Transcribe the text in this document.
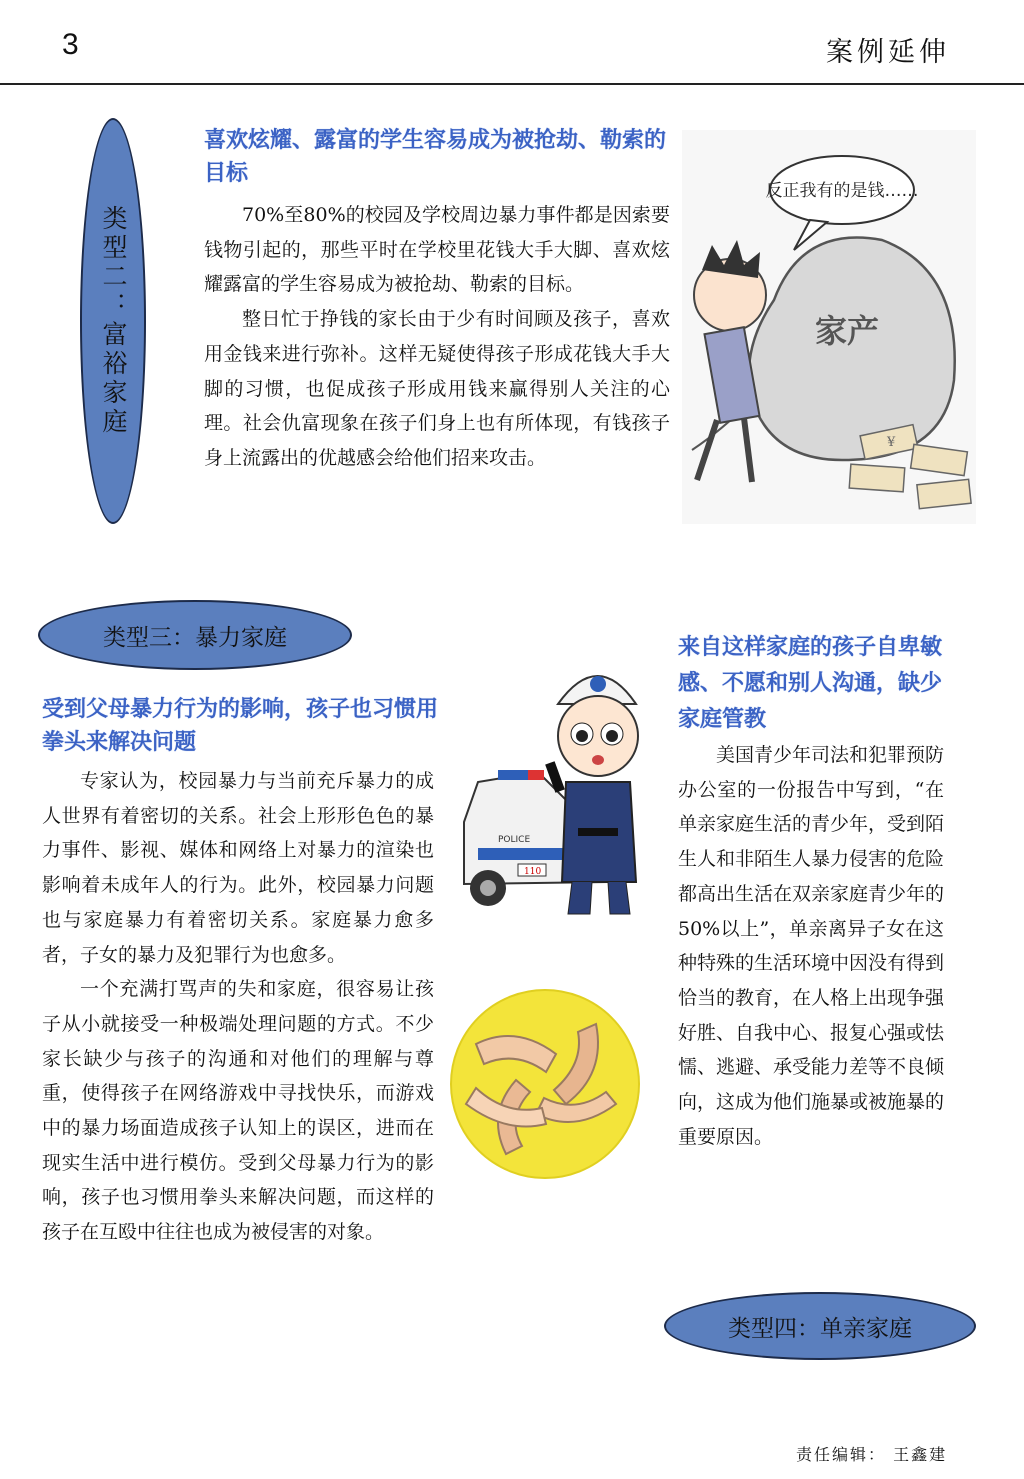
3	案例延伸
类型二：富裕家庭
喜欢炫耀、露富的学生容易成为被抢劫、勒索的目标

70%至80%的校园及学校周边暴力事件都是因索要钱物引起的，那些平时在学校里花钱大手大脚、喜欢炫耀露富的学生容易成为被抢劫、勒索的目标。

整日忙于挣钱的家长由于少有时间顾及孩子，喜欢用金钱来进行弥补。这样无疑使得孩子形成花钱大手大脚的习惯，也促成孩子形成用钱来赢得别人关注的心理。社会仇富现象在孩子们身上也有所体现，有钱孩子身上流露出的优越感会给他们招来攻击。

反正我有的是钱……
家产
¥
类型三：暴力家庭
受到父母暴力行为的影响，孩子也习惯用拳头来解决问题

专家认为，校园暴力与当前充斥暴力的成人世界有着密切的关系。社会上形形色色的暴力事件、影视、媒体和网络上对暴力的渲染也影响着未成年人的行为。此外，校园暴力问题也与家庭暴力有着密切关系。家庭暴力愈多者，子女的暴力及犯罪行为也愈多。

一个充满打骂声的失和家庭，很容易让孩子从小就接受一种极端处理问题的方式。不少家长缺少与孩子的沟通和对他们的理解与尊重，使得孩子在网络游戏中寻找快乐，而游戏中的暴力场面造成孩子认知上的误区，进而在现实生活中进行模仿。受到父母暴力行为的影响，孩子也习惯用拳头来解决问题，而这样的孩子在互殴中往往也成为被侵害的对象。

POLICE
110
来自这样家庭的孩子自卑敏感、不愿和别人沟通，缺少家庭管教

美国青少年司法和犯罪预防办公室的一份报告中写到，“在单亲家庭生活的青少年，受到陌生人和非陌生人暴力侵害的危险都高出生活在双亲家庭青少年的50%以上”，单亲离异子女在这种特殊的生活环境中因没有得到恰当的教育，在人格上出现争强好胜、自我中心、报复心强或怯懦、逃避、承受能力差等不良倾向，这成为他们施暴或被施暴的重要原因。

类型四：单亲家庭
责任编辑： 王鑫建
